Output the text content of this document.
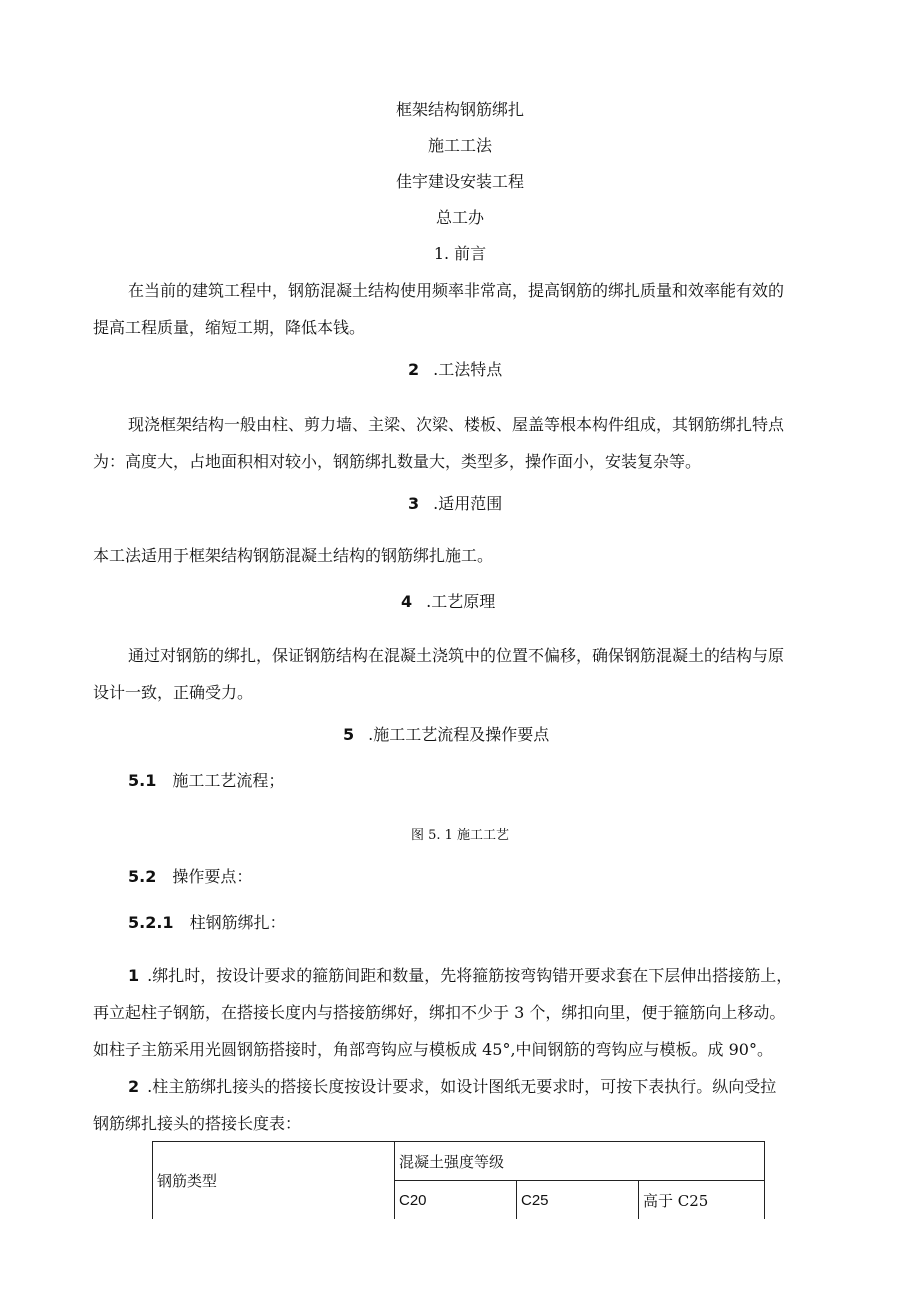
框架结构钢筋绑扎
施工工法
佳宇建设安装工程
总工办
1. 前言
在当前的建筑工程中，钢筋混凝土结构使用频率非常高，提高钢筋的绑扎质量和效率能有效的
提高工程质量，缩短工期，降低本钱。
2 .工法特点
现浇框架结构一般由柱、剪力墙、主梁、次梁、楼板、屋盖等根本构件组成，其钢筋绑扎特点
为：高度大，占地面积相对较小，钢筋绑扎数量大，类型多，操作面小，安装复杂等。
3 .适用范围
本工法适用于框架结构钢筋混凝土结构的钢筋绑扎施工。
4 .工艺原理
通过对钢筋的绑扎，保证钢筋结构在混凝土浇筑中的位置不偏移，确保钢筋混凝土的结构与原
设计一致，正确受力。
5 .施工工艺流程及操作要点
5.1 施工工艺流程；
图 5. 1 施工工艺
5.2 操作要点：
5.2.1 柱钢筋绑扎：
1 .绑扎时，按设计要求的箍筋间距和数量，先将箍筋按弯钩错开要求套在下层伸出搭接筋上，
再立起柱子钢筋，在搭接长度内与搭接筋绑好，绑扣不少于 3 个，绑扣向里，便于箍筋向上移动。
如柱子主筋采用光圆钢筋搭接时，角部弯钩应与模板成 45°,中间钢筋的弯钩应与模板。成 90°。
2 .柱主筋绑扎接头的搭接长度按设计要求，如设计图纸无要求时，可按下表执行。纵向受拉
钢筋绑扎接头的搭接长度表：
钢筋类型	混凝土强度等级		
	C20	C25	高于 C25
